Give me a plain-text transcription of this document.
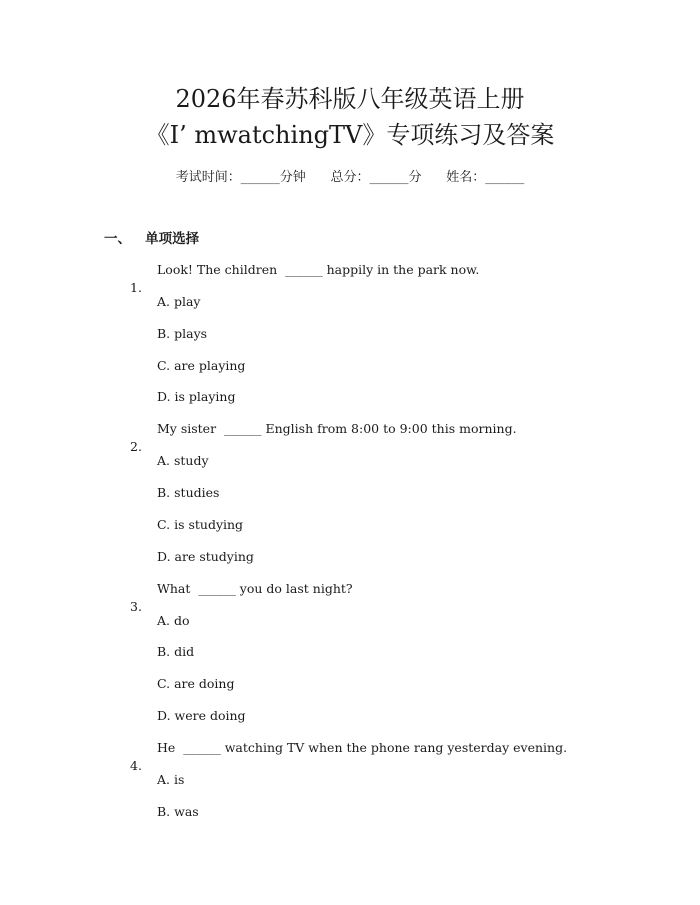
2026年春苏科版八年级英语上册
《I’ mwatchingTV》专项练习及答案
考试时间：______分钟      总分：______分      姓名：______
一、 单项选择

1.

Look! The children  ______ happily in the park now.
A. play
B. plays
C. are playing
D. is playing

2.

My sister  ______ English from 8:00 to 9:00 this morning.
A. study
B. studies
C. is studying
D. are studying

3.

What  ______ you do last night?
A. do
B. did
C. are doing
D. were doing

4.

He  ______ watching TV when the phone rang yesterday evening.
A. is
B. was
